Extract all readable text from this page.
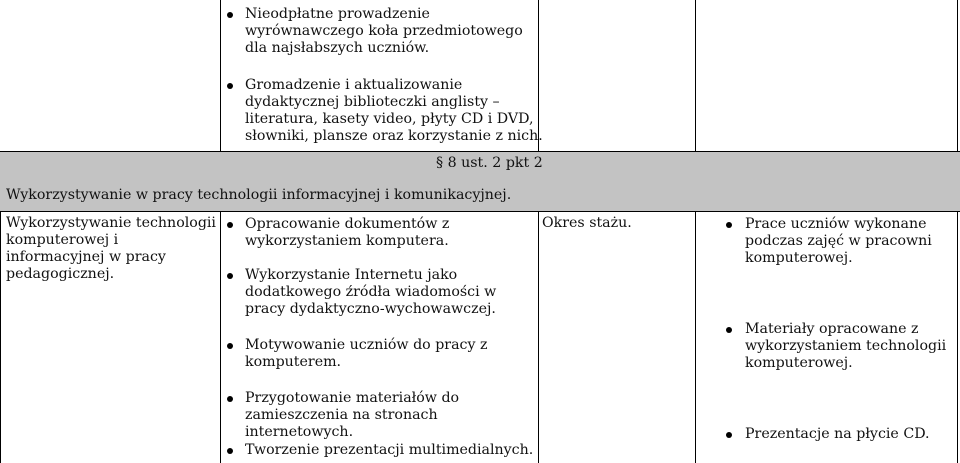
Nieodpłatne prowadzenie wyrównawczego koła przedmiotowego dla najsłabszych uczniów.
Gromadzenie i aktualizowanie dydaktycznej biblioteczki anglisty – literatura, kasety video, płyty CD i DVD, słowniki, plansze oraz korzystanie z nich.
§ 8 ust. 2 pkt 2
Wykorzystywanie w pracy technologii informacyjnej i komunikacyjnej.
Wykorzystywanie technologii komputerowej i informacyjnej w pracy pedagogicznej.
Opracowanie dokumentów z wykorzystaniem komputera.
Wykorzystanie Internetu jako dodatkowego źródła wiadomości w pracy dydaktyczno-wychowawczej.
Motywowanie uczniów do pracy z komputerem.
Przygotowanie materiałów do zamieszczenia na stronach internetowych.
Tworzenie prezentacji multimedialnych.
Okres stażu.	Prace uczniów wykonane podczas zajęć w pracowni komputerowej.
Materiały opracowane z wykorzystaniem technologii komputerowej.
Prezentacje na płycie CD.
